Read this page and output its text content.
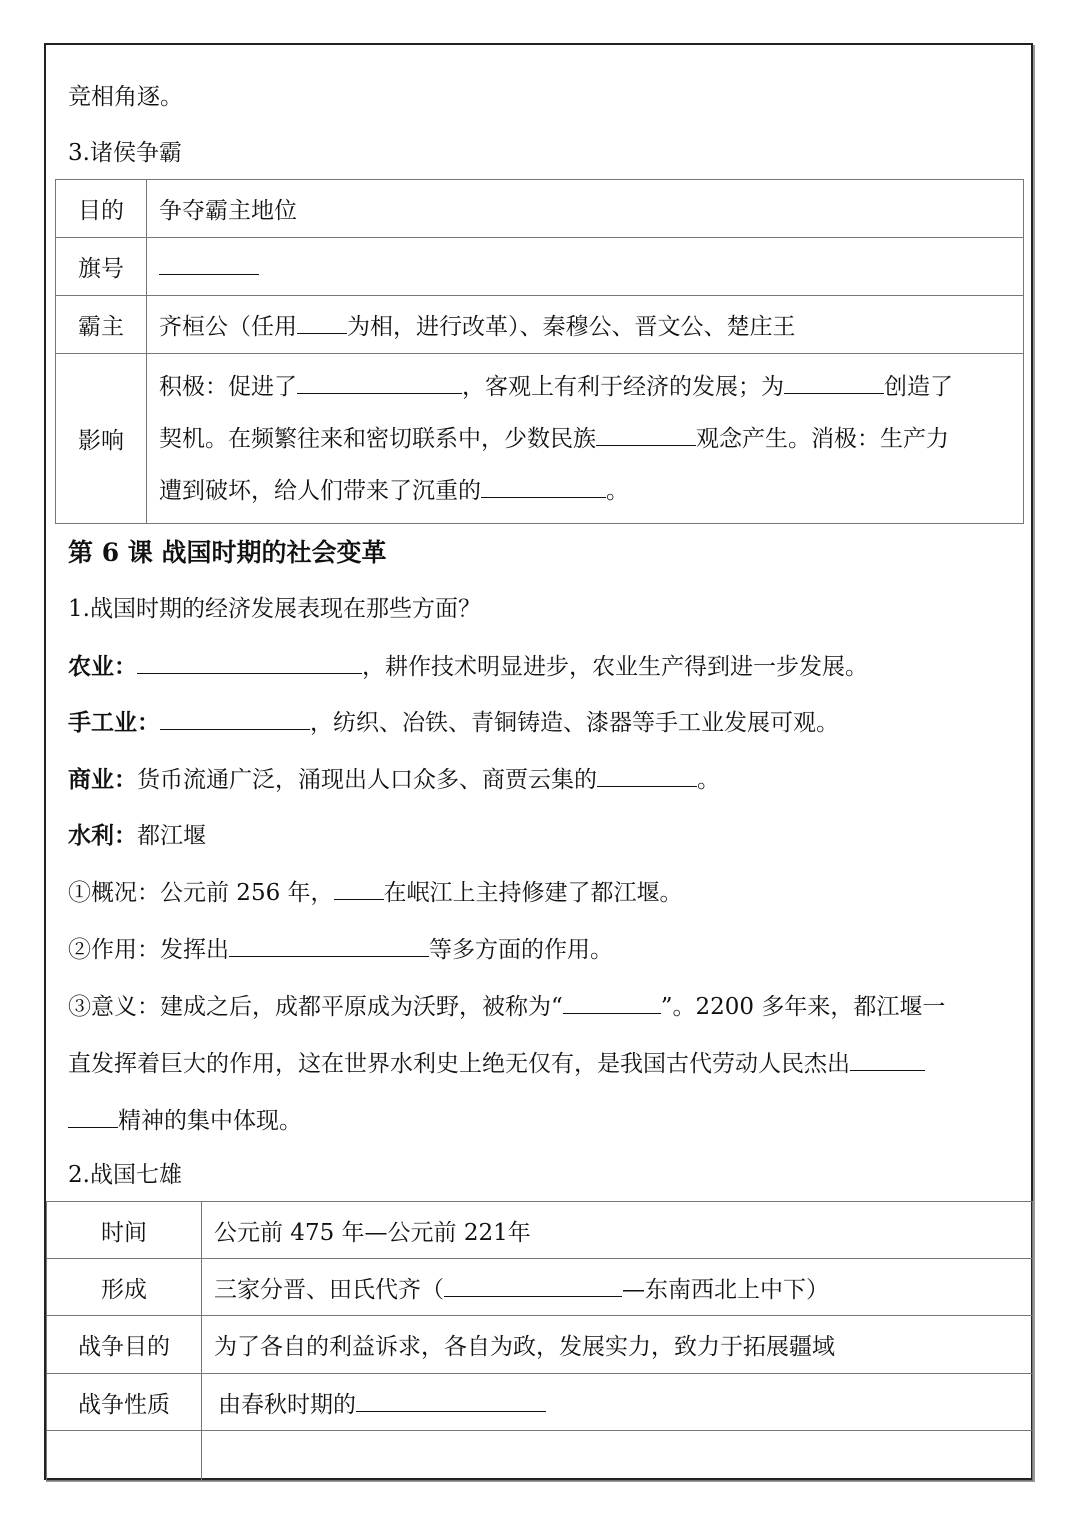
竞相角逐。
3.诸侯争霸
目的	争夺霸主地位
旗号	
霸主	齐桓公（任用 为相，进行改革）、秦穆公、晋文公、楚庄王
影响	积极：促进了 ，客观上有利于经济的发展；为 创造了
契机。在频繁往来和密切联系中，少数民族 观念产生。消极：生产力
遭到破坏，给人们带来了沉重的 。
第 6 课 战国时期的社会变革
1.战国时期的经济发展表现在那些方面？
农业：	，耕作技术明显进步，农业生产得到进一步发展。
手工业：	，纺织、冶铁、青铜铸造、漆器等手工业发展可观。
商业：货币流通广泛，涌现出人口众多、商贾云集的	。
水利：都江堰
①概况：公元前 256 年， 在岷江上主持修建了都江堰。
②作用：发挥出	等多方面的作用。
③意义：建成之后，成都平原成为沃野，被称为“	”。2200 多年来，都江堰一
直发挥着巨大的作用，这在世界水利史上绝无仅有，是我国古代劳动人民杰出
精神的集中体现。
2.战国七雄
时间	公元前 475 年—公元前 221年
形成	三家分晋、田氏代齐（ —东南西北上中下）
战争目的	为了各自的利益诉求，各自为政，发展实力，致力于拓展疆域
战争性质	由春秋时期的
